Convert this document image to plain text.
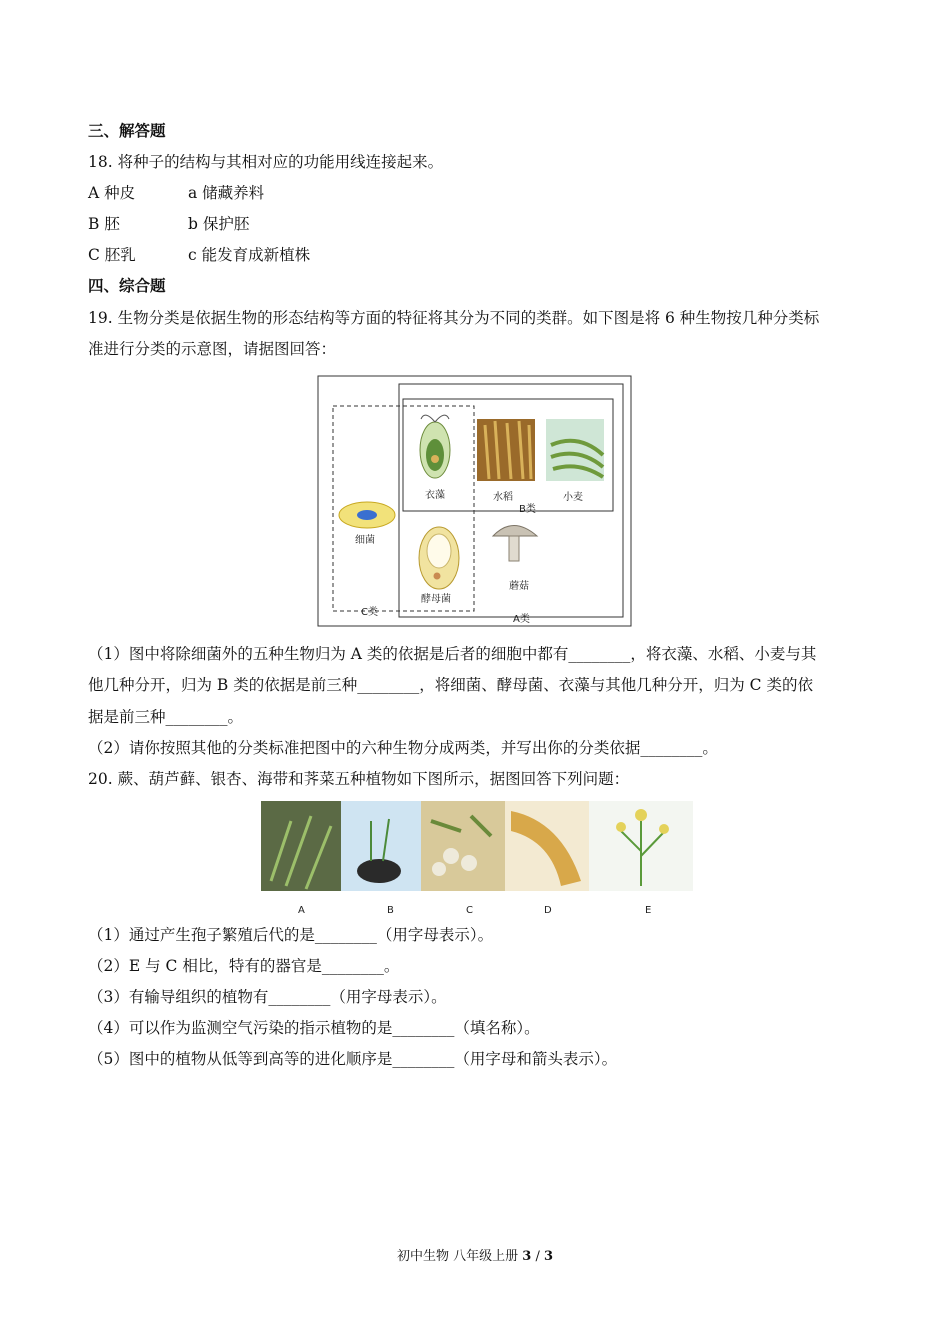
三、解答题
18. 将种子的结构与其相对应的功能用线连接起来。
A 种皮	a 储藏养料
B 胚	b 保护胚
C 胚乳	c 能发育成新植株
四、综合题
19. 生物分类是依据生物的形态结构等方面的特征将其分为不同的类群。如下图是将 6 种生物按几种分类标
准进行分类的示意图，请据图回答：
衣藻	水稻	小麦
B类
细菌
酵母菌
蘑菇
C类
A类
（1）图中将除细菌外的五种生物归为 A 类的依据是后者的细胞中都有________，将衣藻、水稻、小麦与其
他几种分开，归为 B 类的依据是前三种________，将细菌、酵母菌、衣藻与其他几种分开，归为 C 类的依
据是前三种________。
（2）请你按照其他的分类标准把图中的六种生物分成两类，并写出你的分类依据________。
20. 蕨、葫芦藓、银杏、海带和荠菜五种植物如下图所示，据图回答下列问题：
A	B	C	D	E
（1）通过产生孢子繁殖后代的是________（用字母表示）。
（2）E 与 C 相比，特有的器官是________。
（3）有输导组织的植物有________（用字母表示）。
（4）可以作为监测空气污染的指示植物的是________（填名称）。
（5）图中的植物从低等到高等的进化顺序是________（用字母和箭头表示）。
初中生物 八年级上册 3 / 3
